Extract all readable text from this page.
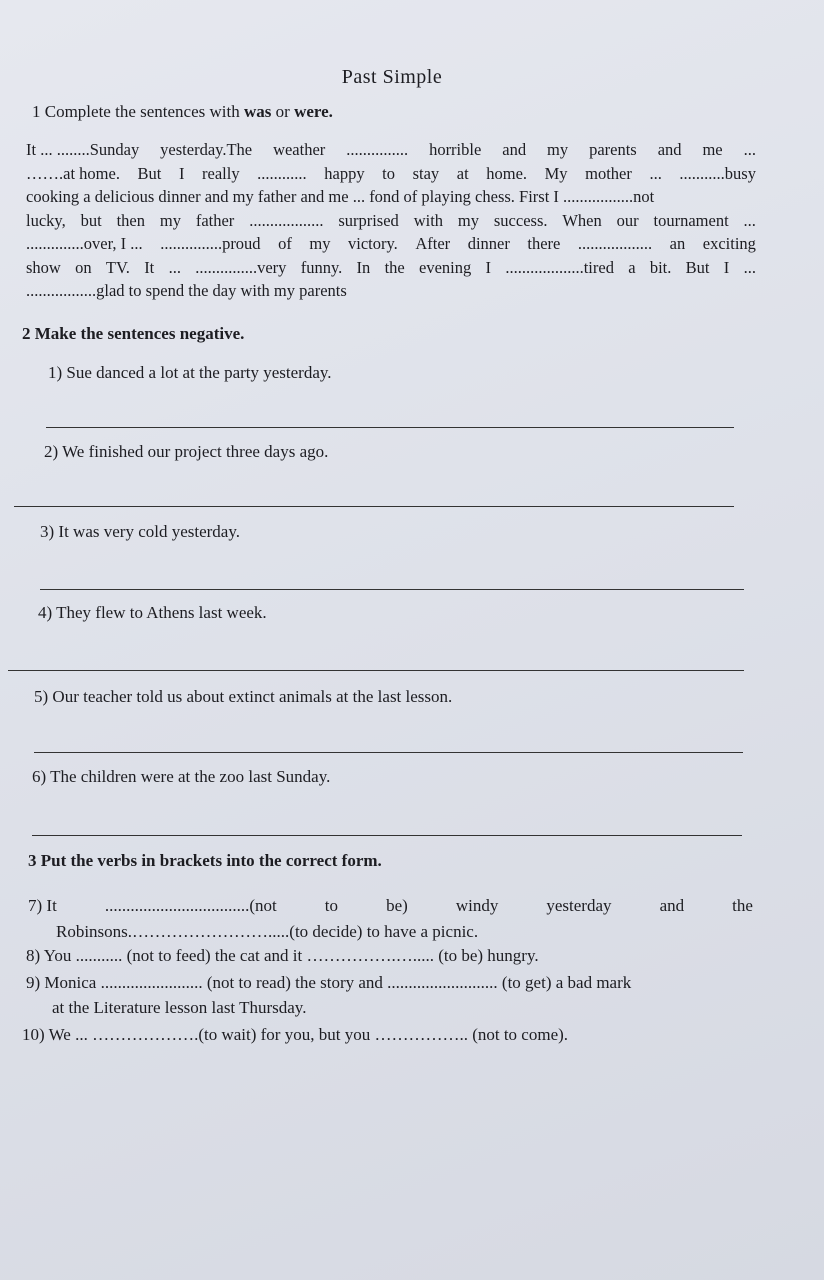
Past Simple
1 Complete the sentences with was or were.
It ... ........Sunday yesterday.The weather ............... horrible and my parents and me ...
…….at home. But I really ............ happy to stay at home. My mother ... ...........busy
cooking a delicious dinner and my father and me ... fond of playing chess. First I .................not
lucky, but then my father .................. surprised with my success. When our tournament ...
..............over, I ... ...............proud of my victory. After dinner there .................. an exciting
show on TV. It ... ...............very funny. In the evening I ...................tired a bit. But I ...
.................glad to spend the day with my parents
2 Make the sentences negative.
1) Sue danced a lot at the party yesterday.
2) We finished our project three days ago.
3) It was very cold yesterday.
4) They flew to Athens last week.
5) Our teacher told us about extinct animals at the last lesson.
6) The children were at the zoo last Sunday.
3 Put the verbs in brackets into the correct form.
7) It	..................................(not	to	be)	windy	yesterday	and	the
Robinsons.…………………….....(to decide) to have a picnic.
8) You ........... (not to feed) the cat and it …………….…..... (to be) hungry.
9) Monica ........................ (not to read) the story and .......................... (to get) a bad mark
at the Literature lesson last Thursday.
10) We ... ……………….(to wait) for you, but you …………….. (not to come).
